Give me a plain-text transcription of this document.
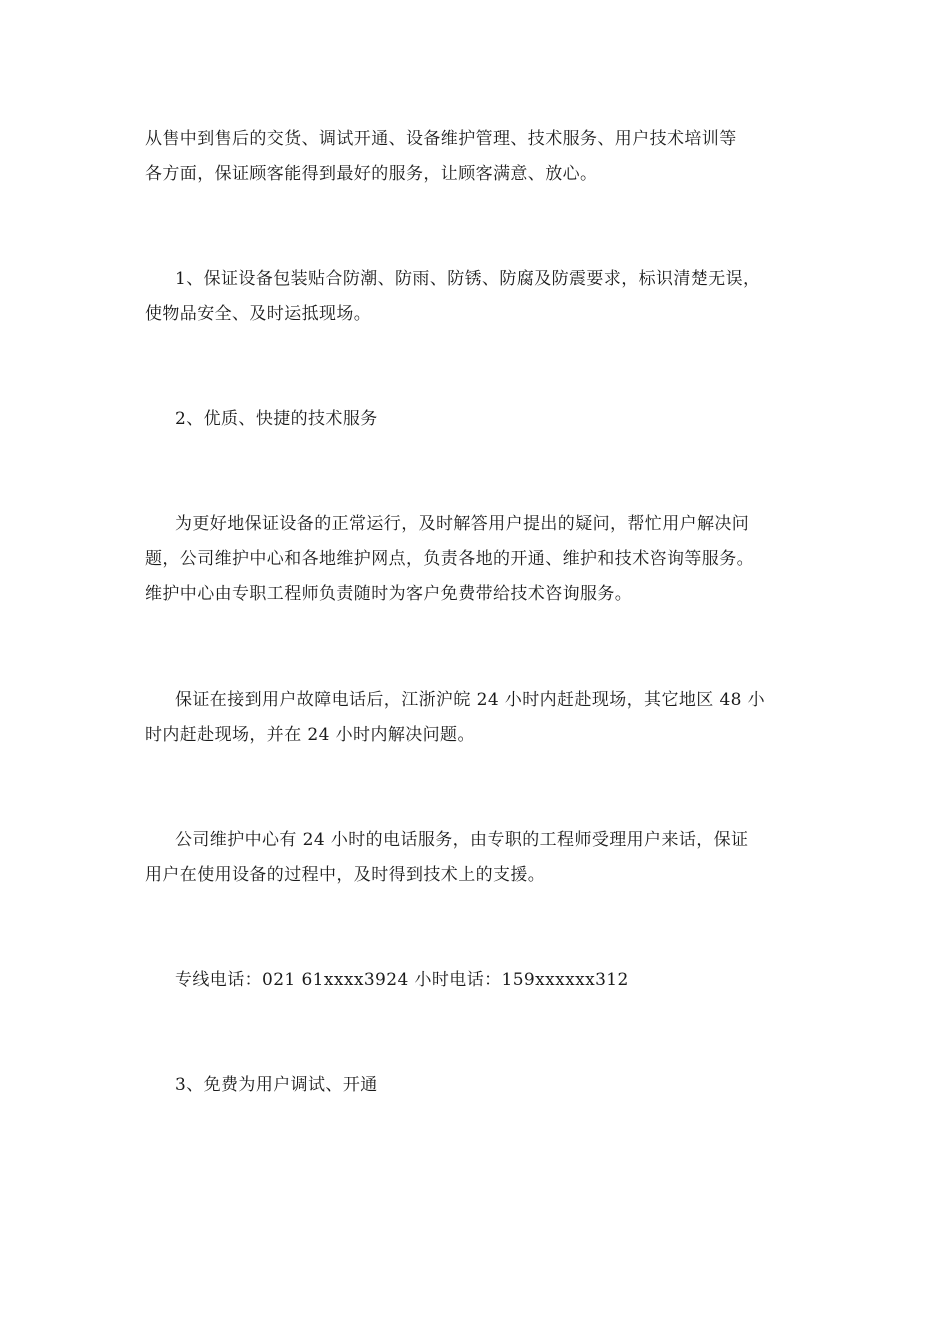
从售中到售后的交货、调试开通、设备维护管理、技术服务、用户技术培训等
各方面，保证顾客能得到最好的服务，让顾客满意、放心。

1、保证设备包装贴合防潮、防雨、防锈、防腐及防震要求，标识清楚无误，
使物品安全、及时运抵现场。

2、优质、快捷的技术服务

为更好地保证设备的正常运行，及时解答用户提出的疑问，帮忙用户解决问
题，公司维护中心和各地维护网点，负责各地的开通、维护和技术咨询等服务。
维护中心由专职工程师负责随时为客户免费带给技术咨询服务。

保证在接到用户故障电话后，江浙沪皖 24 小时内赶赴现场，其它地区 48 小
时内赶赴现场，并在 24 小时内解决问题。

公司维护中心有 24 小时的电话服务，由专职的工程师受理用户来话，保证
用户在使用设备的过程中，及时得到技术上的支援。

专线电话：021 61xxxx3924 小时电话：159xxxxxx312

3、免费为用户调试、开通
